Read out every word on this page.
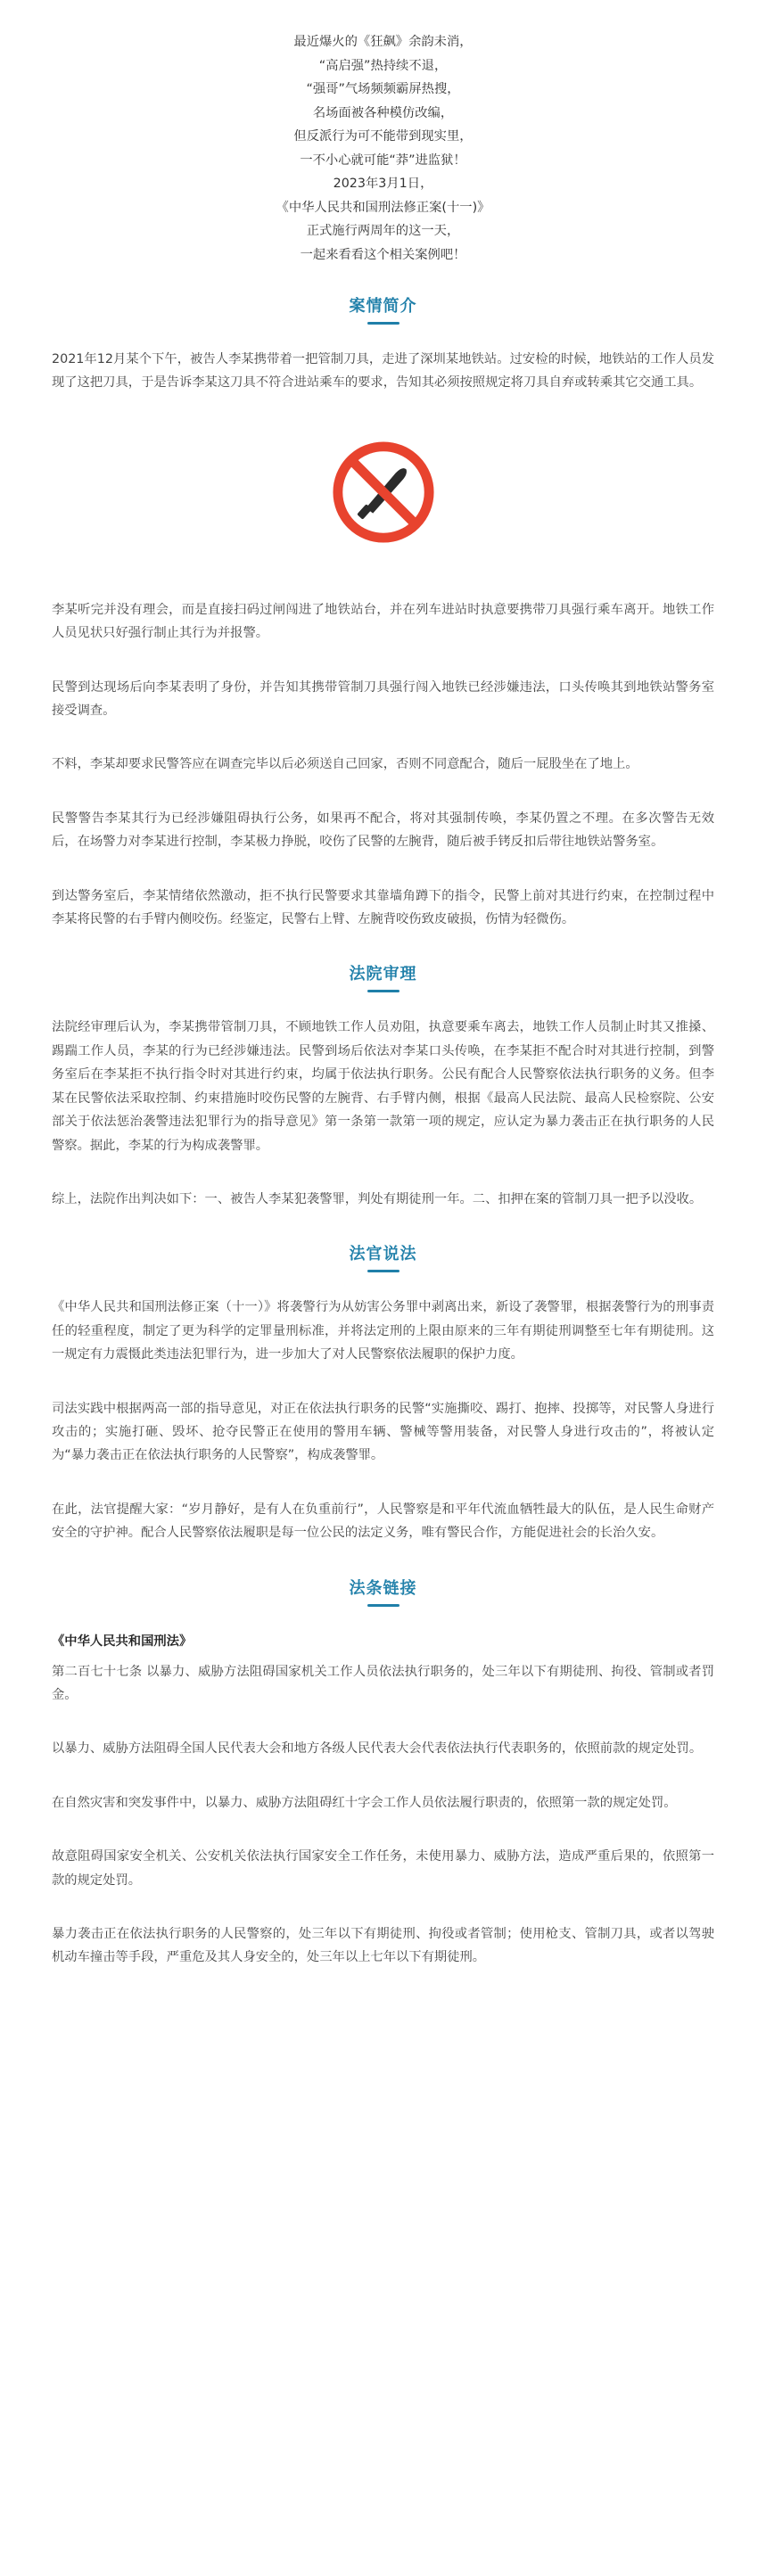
最近爆火的《狂飙》余韵未消，
“高启强”热持续不退，
“强哥”气场频频霸屏热搜，
名场面被各种模仿改编，
但反派行为可不能带到现实里，
一不小心就可能“莽”进监狱！
2023年3月1日，
《中华人民共和国刑法修正案(十一)》
正式施行两周年的这一天，
一起来看看这个相关案例吧！
案情简介

2021年12月某个下午，被告人李某携带着一把管制刀具，走进了深圳某地铁站。过安检的时候，地铁站的工作人员发现了这把刀具，于是告诉李某这刀具不符合进站乘车的要求，告知其必须按照规定将刀具自弃或转乘其它交通工具。

李某听完并没有理会，而是直接扫码过闸闯进了地铁站台，并在列车进站时执意要携带刀具强行乘车离开。地铁工作人员见状只好强行制止其行为并报警。

民警到达现场后向李某表明了身份，并告知其携带管制刀具强行闯入地铁已经涉嫌违法，口头传唤其到地铁站警务室接受调查。

不料，李某却要求民警答应在调查完毕以后必须送自己回家，否则不同意配合，随后一屁股坐在了地上。

民警警告李某其行为已经涉嫌阻碍执行公务，如果再不配合，将对其强制传唤，李某仍置之不理。在多次警告无效后，在场警力对李某进行控制，李某极力挣脱，咬伤了民警的左腕背，随后被手铐反扣后带往地铁站警务室。

到达警务室后，李某情绪依然激动，拒不执行民警要求其靠墙角蹲下的指令，民警上前对其进行约束，在控制过程中李某将民警的右手臂内侧咬伤。经鉴定，民警右上臂、左腕背咬伤致皮破损，伤情为轻微伤。

法院审理

法院经审理后认为，李某携带管制刀具，不顾地铁工作人员劝阻，执意要乘车离去，地铁工作人员制止时其又推搡、踢踹工作人员，李某的行为已经涉嫌违法。民警到场后依法对李某口头传唤，在李某拒不配合时对其进行控制，到警务室后在李某拒不执行指令时对其进行约束，均属于依法执行职务。公民有配合人民警察依法执行职务的义务。但李某在民警依法采取控制、约束措施时咬伤民警的左腕背、右手臂内侧，根据《最高人民法院、最高人民检察院、公安部关于依法惩治袭警违法犯罪行为的指导意见》第一条第一款第一项的规定，应认定为暴力袭击正在执行职务的人民警察。据此，李某的行为构成袭警罪。

综上，法院作出判决如下：一、被告人李某犯袭警罪，判处有期徒刑一年。二、扣押在案的管制刀具一把予以没收。

法官说法

《中华人民共和国刑法修正案（十一）》将袭警行为从妨害公务罪中剥离出来，新设了袭警罪，根据袭警行为的刑事责任的轻重程度，制定了更为科学的定罪量刑标准，并将法定刑的上限由原来的三年有期徒刑调整至七年有期徒刑。这一规定有力震慑此类违法犯罪行为，进一步加大了对人民警察依法履职的保护力度。

司法实践中根据两高一部的指导意见，对正在依法执行职务的民警“实施撕咬、踢打、抱摔、投掷等，对民警人身进行攻击的；实施打砸、毁坏、抢夺民警正在使用的警用车辆、警械等警用装备，对民警人身进行攻击的”，将被认定为“暴力袭击正在依法执行职务的人民警察”，构成袭警罪。

在此，法官提醒大家：“岁月静好，是有人在负重前行”，人民警察是和平年代流血牺牲最大的队伍，是人民生命财产安全的守护神。配合人民警察依法履职是每一位公民的法定义务，唯有警民合作，方能促进社会的长治久安。

法条链接
《中华人民共和国刑法》

第二百七十七条 以暴力、威胁方法阻碍国家机关工作人员依法执行职务的，处三年以下有期徒刑、拘役、管制或者罚金。

以暴力、威胁方法阻碍全国人民代表大会和地方各级人民代表大会代表依法执行代表职务的，依照前款的规定处罚。

在自然灾害和突发事件中，以暴力、威胁方法阻碍红十字会工作人员依法履行职责的，依照第一款的规定处罚。

故意阻碍国家安全机关、公安机关依法执行国家安全工作任务，未使用暴力、威胁方法，造成严重后果的，依照第一款的规定处罚。

暴力袭击正在依法执行职务的人民警察的，处三年以下有期徒刑、拘役或者管制；使用枪支、管制刀具，或者以驾驶机动车撞击等手段，严重危及其人身安全的，处三年以上七年以下有期徒刑。
